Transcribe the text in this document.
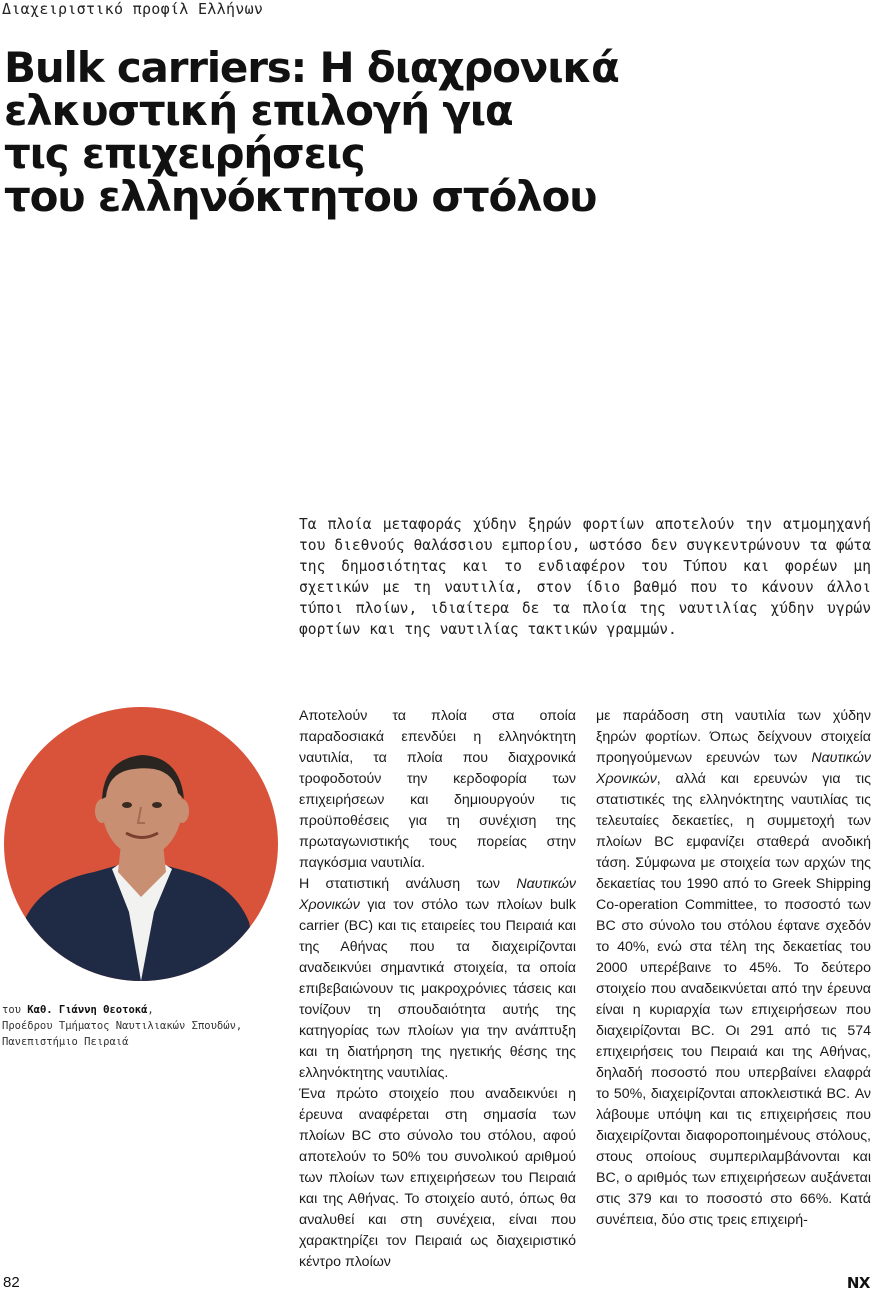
Διαχειριστικό προφίλ Ελλήνων
Bulk carriers: Η διαχρονικά
ελκυστική επιλογή για
τις επιχειρήσεις
του ελληνόκτητου στόλου
Τα πλοία μεταφοράς χύδην ξηρών φορτίων αποτελούν την ατμομηχανή του διεθνούς θαλάσσιου εμπορίου, ωστόσο δεν συγκεντρώνουν τα φώτα της δημοσιότητας και το ενδιαφέρον του Τύπου και φορέων μη σχετικών με τη ναυτιλία, στον ίδιο βαθμό που το κάνουν άλλοι τύποι πλοίων, ιδιαίτερα δε τα πλοία της ναυτιλίας χύδην υγρών φορτίων και της ναυτιλίας τακτικών γραμμών.
του Καθ. Γιάννη Θεοτοκά,
Προέδρου Τμήματος Ναυτιλιακών Σπουδών,
Πανεπιστήμιο Πειραιά

Αποτελούν τα πλοία στα οποία παραδοσιακά επενδύει η ελληνόκτητη ναυτιλία, τα πλοία που διαχρονικά τροφοδοτούν την κερδοφορία των επιχειρήσεων και δημιουργούν τις προϋποθέσεις για τη συνέχιση της πρωταγωνιστικής τους πορείας στην παγκόσμια ναυτιλία.

Η στατιστική ανάλυση των Ναυτικών Χρονικών για τον στόλο των πλοίων bulk carrier (BC) και τις εταιρείες του Πειραιά και της Αθήνας που τα διαχειρίζονται αναδεικνύει σημαντικά στοιχεία, τα οποία επιβεβαιώνουν τις μακροχρόνιες τάσεις και τονίζουν τη σπουδαιότητα αυτής της κατηγορίας των πλοίων για την ανάπτυξη και τη διατήρηση της ηγετικής θέσης της ελληνόκτητης ναυτιλίας.

Ένα πρώτο στοιχείο που αναδεικνύει η έρευνα αναφέρεται στη σημασία των πλοίων BC στο σύνολο του στόλου, αφού αποτελούν το 50% του συνολικού αριθμού των πλοίων των επιχειρήσεων του Πειραιά και της Αθήνας. Το στοιχείο αυτό, όπως θα αναλυθεί και στη συνέχεια, είναι που χαρακτηρίζει τον Πειραιά ως διαχειριστικό κέντρο πλοίων

με παράδοση στη ναυτιλία των χύδην ξηρών φορτίων. Όπως δείχνουν στοιχεία προηγούμενων ερευνών των Ναυτικών Χρονικών, αλλά και ερευνών για τις στατιστικές της ελληνόκτητης ναυτιλίας τις τελευταίες δεκαετίες, η συμμετοχή των πλοίων BC εμφανίζει σταθερά ανοδική τάση. Σύμφωνα με στοιχεία των αρχών της δεκαετίας του 1990 από το Greek Shipping Co-operation Committee, το ποσοστό των BC στο σύνολο του στόλου έφτανε σχεδόν το 40%, ενώ στα τέλη της δεκαετίας του 2000 υπερέβαινε το 45%. Το δεύτερο στοιχείο που αναδεικνύεται από την έρευνα είναι η κυριαρχία των επιχειρήσεων που διαχειρίζονται BC. Οι 291 από τις 574 επιχειρήσεις του Πειραιά και της Αθήνας, δηλαδή ποσοστό που υπερβαίνει ελαφρά το 50%, διαχειρίζονται αποκλειστικά BC. Αν λάβουμε υπόψη και τις επιχειρήσεις που διαχειρίζονται διαφοροποιημένους στόλους, στους οποίους συμπεριλαμβάνονται και BC, ο αριθμός των επιχειρήσεων αυξάνεται στις 379 και το ποσοστό στο 66%. Κατά συνέπεια, δύο στις τρεις επιχειρή-

82	NX
